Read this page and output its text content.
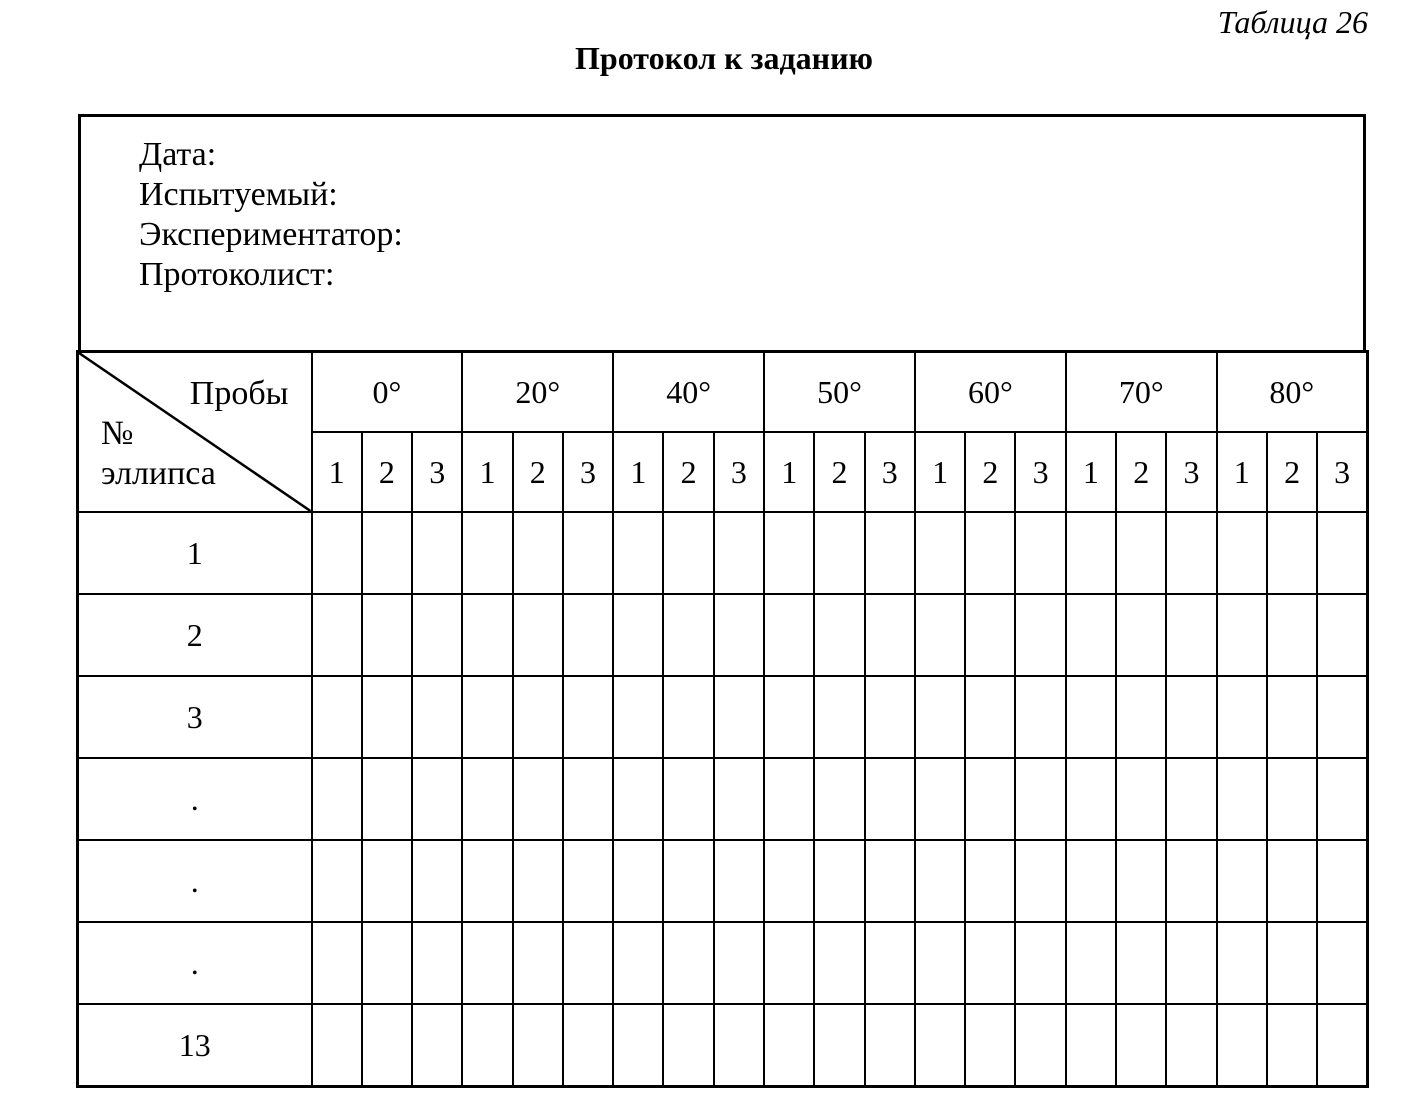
Таблица 26
Протокол к заданию
Дата:
Испытуемый:
Экспериментатор:
Протоколист:
Пробы
№
эллипса	0°			20°			40°			50°			60°			70°			80°		
	1	2	3	1	2	3	1	2	3	1	2	3	1	2	3	1	2	3	1	2	3
1																					
2																					
3																					
.																					
.																					
.																					
13																					
